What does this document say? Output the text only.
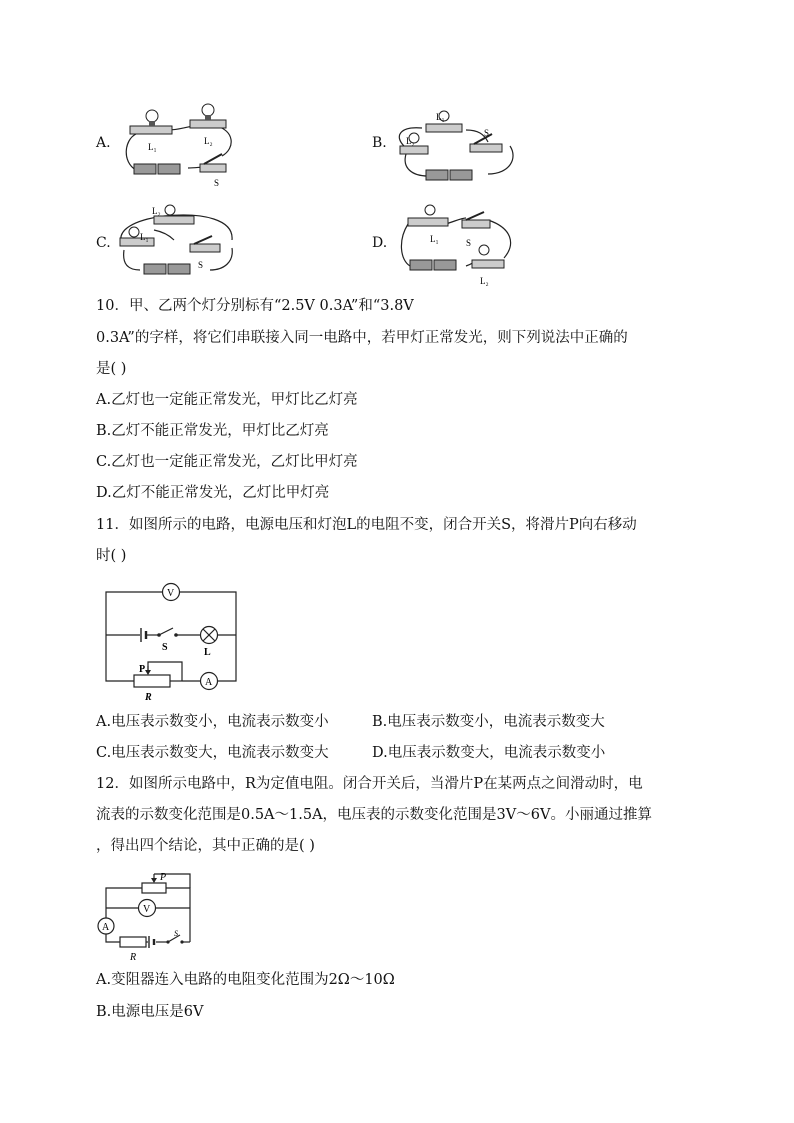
A.	B.
C.	D.
L₁
L₂
S
L₁
L₂
S
L₂
L₁
S
L₁	S
L₂
10．甲、乙两个灯分别标有“2.5V 0.3A”和“3.8V
0.3A”的字样，将它们串联接入同一电路中，若甲灯正常发光，则下列说法中正确的
是( )
A.乙灯也一定能正常发光，甲灯比乙灯亮
B.乙灯不能正常发光，甲灯比乙灯亮
C.乙灯也一定能正常发光，乙灯比甲灯亮
D.乙灯不能正常发光，乙灯比甲灯亮
11．如图所示的电路，电源电压和灯泡L的电阻不变，闭合开关S，将滑片P向右移动
时( )
V
A
S	L
P
R
A.电压表示数变小，电流表示数变小	B.电压表示数变小，电流表示数变大
C.电压表示数变大，电流表示数变大	D.电压表示数变大，电流表示数变小
12．如图所示电路中，R为定值电阻。闭合开关后，当滑片P在某两点之间滑动时，电
流表的示数变化范围是0.5A～1.5A，电压表的示数变化范围是3V～6V。小丽通过推算
，得出四个结论，其中正确的是( )
V
A
P
R
S
A.变阻器连入电路的电阻变化范围为2Ω～10Ω
B.电源电压是6V
